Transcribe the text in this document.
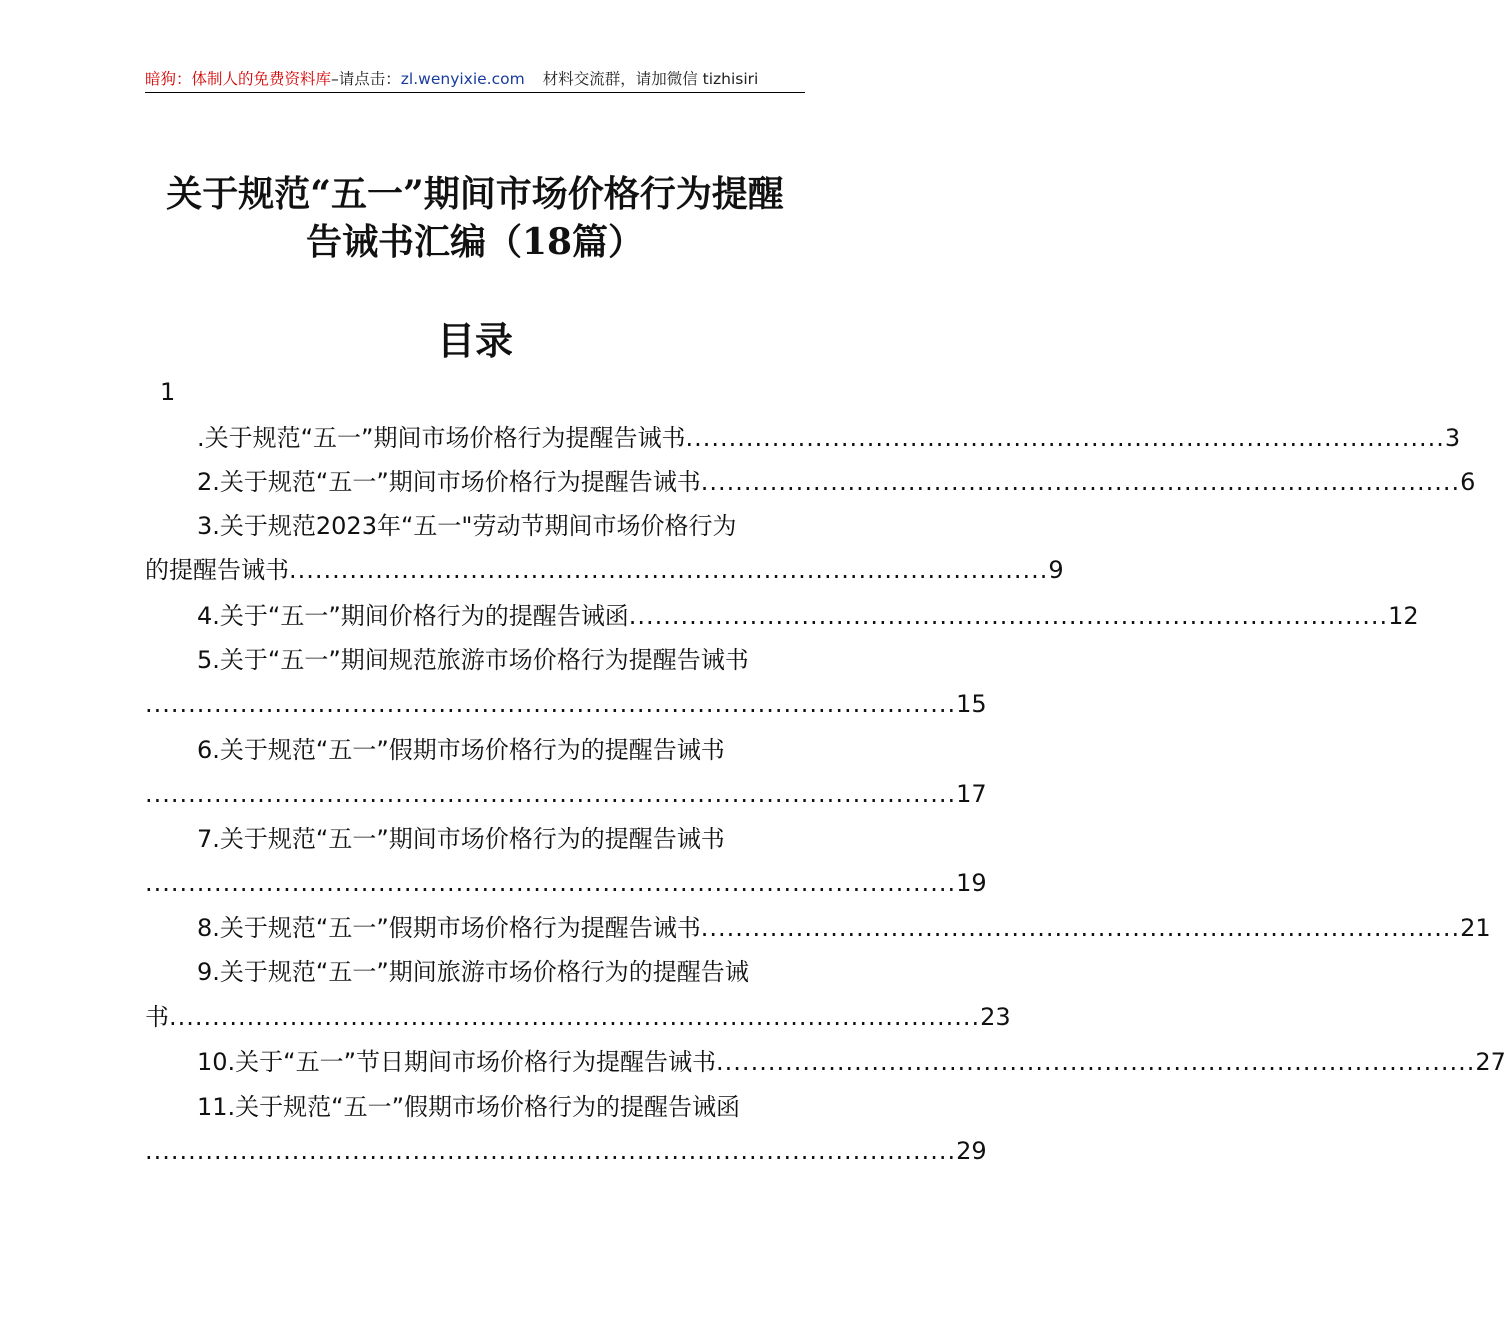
暗狗：体制人的免费资料库–请点击：zl.wenyixie.com 材料交流群，请加微信 tizhisiri
关于规范“五一”期间市场价格行为提醒
告诫书汇编（18篇）
目录
1
.关于规范“五一”期间市场价格行为提醒告诫书 ........................................................................................ 3
2.关于规范“五一”期间市场价格行为提醒告诫书 ........................................................................................ 6
3.关于规范2023年“五一"劳动节期间市场价格行为
的提醒告诫书 ........................................................................................ 9
4.关于“五一”期间价格行为的提醒告诫函 ........................................................................................ 12
5.关于“五一”期间规范旅游市场价格行为提醒告诫书
.............................................................................................. 15
6.关于规范“五一”假期市场价格行为的提醒告诫书
.............................................................................................. 17
7.关于规范“五一”期间市场价格行为的提醒告诫书
.............................................................................................. 19
8.关于规范“五一”假期市场价格行为提醒告诫书 ........................................................................................ 21
9.关于规范“五一”期间旅游市场价格行为的提醒告诫
书 .............................................................................................. 23
10.关于“五一”节日期间市场价格行为提醒告诫书 ........................................................................................ 27
11.关于规范“五一”假期市场价格行为的提醒告诫函
.............................................................................................. 29
